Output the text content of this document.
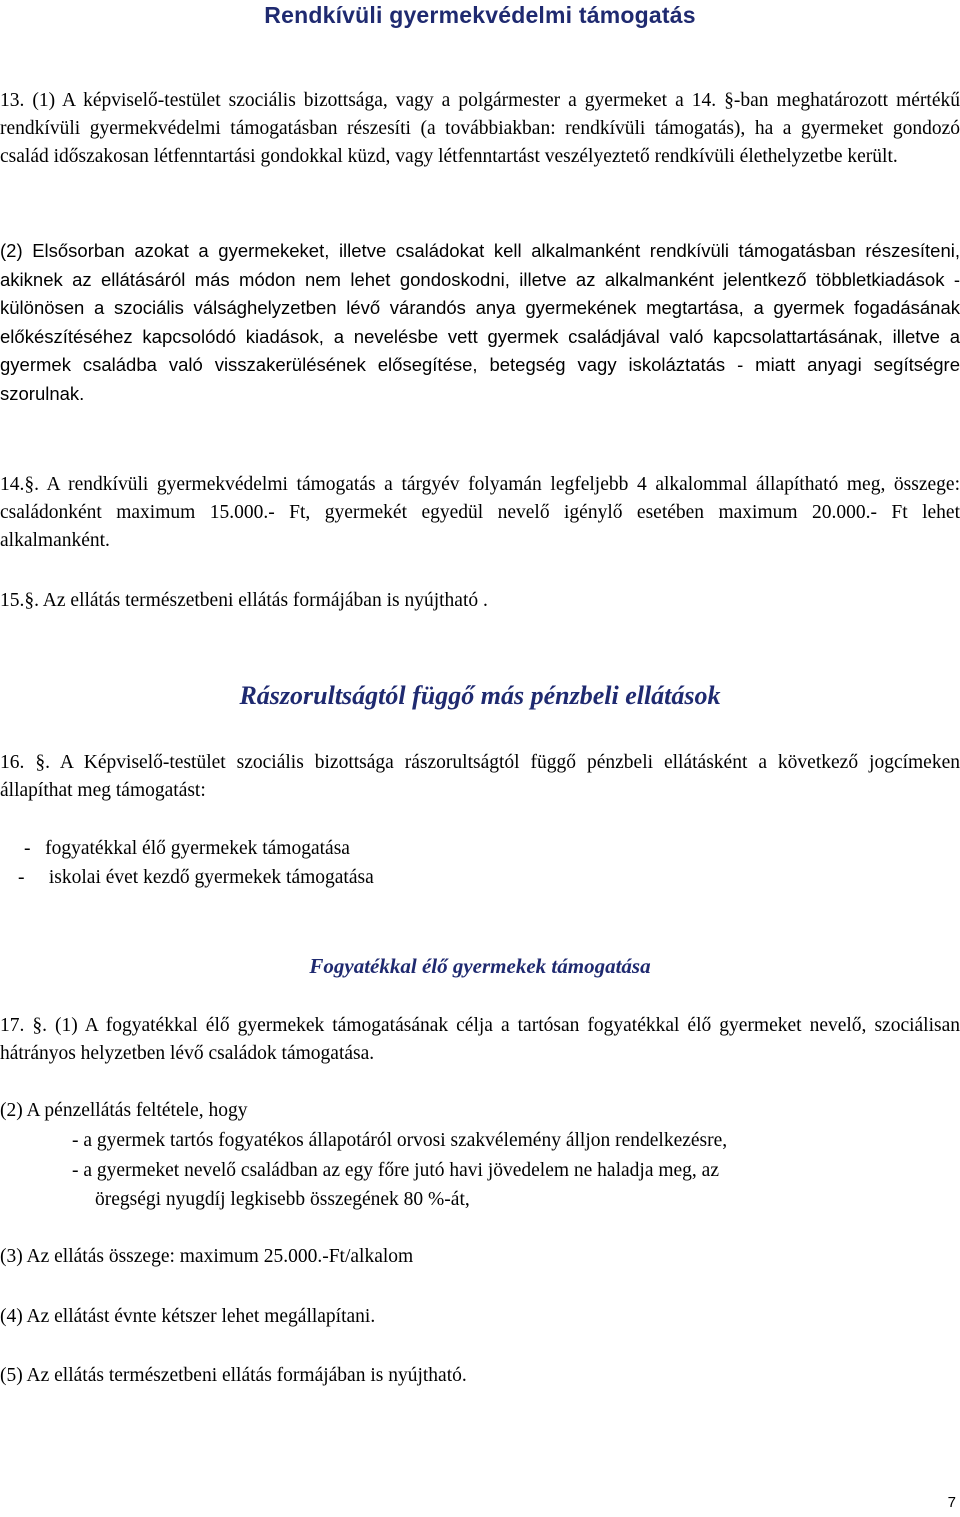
Rendkívüli gyermekvédelmi támogatás

13. (1) A képviselő-testület szociális bizottsága, vagy a polgármester a gyermeket a 14. §-ban meghatározott mértékű rendkívüli gyermekvédelmi támogatásban részesíti (a továbbiakban: rendkívüli támogatás), ha a gyermeket gondozó család időszakosan létfenntartási gondokkal küzd, vagy létfenntartást veszélyeztető rendkívüli élethelyzetbe került.

(2) Elsősorban azokat a gyermekeket, illetve családokat kell alkalmanként rendkívüli támogatásban részesíteni, akiknek az ellátásáról más módon nem lehet gondoskodni, illetve az alkalmanként jelentkező többletkiadások - különösen a szociális válsághelyzetben lévő várandós anya gyermekének megtartása, a gyermek fogadásának előkészítéséhez kapcsolódó kiadások, a nevelésbe vett gyermek családjával való kapcsolattartásának, illetve a gyermek családba való visszakerülésének elősegítése, betegség vagy iskoláztatás - miatt anyagi segítségre szorulnak.

14.§. A rendkívüli gyermekvédelmi támogatás a tárgyév folyamán legfeljebb 4 alkalommal állapítható meg, összege: családonként maximum 15.000.- Ft, gyermekét egyedül nevelő igénylő esetében maximum 20.000.- Ft lehet alkalmanként.

15.§. Az ellátás természetbeni ellátás formájában is nyújtható .
Rászorultságtól függő más pénzbeli ellátások

16. §. A Képviselő-testület szociális bizottsága rászorultságtól függő pénzbeli ellátásként a következő jogcímeken állapíthat meg támogatást:

-   fogyatékkal élő gyermekek támogatása
-     iskolai évet kezdő gyermekek támogatása
Fogyatékkal élő gyermekek támogatása

17. §. (1) A fogyatékkal élő gyermekek támogatásának célja a tartósan fogyatékkal élő gyermeket nevelő, szociálisan hátrányos helyzetben lévő családok támogatása.

(2) A pénzellátás feltétele, hogy
- a gyermek tartós fogyatékos állapotáról orvosi szakvélemény álljon rendelkezésre,
- a gyermeket nevelő családban az egy főre jutó havi jövedelem ne haladja meg, az
öregségi nyugdíj legkisebb összegének 80 %-át,
(3) Az ellátás összege: maximum 25.000.-Ft/alkalom
(4) Az ellátást évnte kétszer lehet megállapítani.
(5) Az ellátás természetbeni ellátás formájában is nyújtható.
7
